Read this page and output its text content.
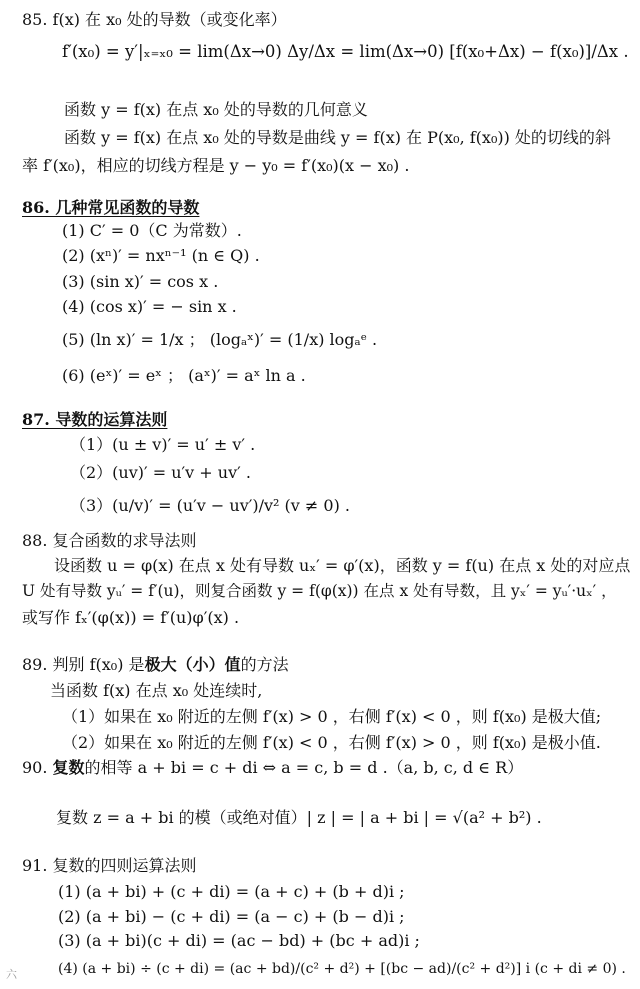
85. f(x) 在 x₀ 处的导数（或变化率）
f′(x₀) = y′|ₓ₌ₓ₀ = lim(Δx→0) Δy/Δx = lim(Δx→0) [f(x₀+Δx) − f(x₀)]/Δx .
函数 y = f(x) 在点 x₀ 处的导数的几何意义
函数 y = f(x) 在点 x₀ 处的导数是曲线 y = f(x) 在 P(x₀, f(x₀)) 处的切线的斜
率 f′(x₀)，相应的切线方程是 y − y₀ = f′(x₀)(x − x₀) .
86. 几种常见函数的导数
(1) C′ = 0（C 为常数）.
(2) (xⁿ)′ = nxⁿ⁻¹ (n ∈ Q) .
(3) (sin x)′ = cos x .
(4) (cos x)′ = − sin x .
(5) (ln x)′ = 1/x ； (logₐˣ)′ = (1/x) logₐᵉ .
(6) (eˣ)′ = eˣ ； (aˣ)′ = aˣ ln a .
87. 导数的运算法则
（1）(u ± v)′ = u′ ± v′ .
（2）(uv)′ = u′v + uv′ .
（3）(u/v)′ = (u′v − uv′)/v² (v ≠ 0) .
88. 复合函数的求导法则
设函数 u = φ(x) 在点 x 处有导数 uₓ′ = φ′(x)，函数 y = f(u) 在点 x 处的对应点
U 处有导数 yᵤ′ = f′(u)，则复合函数 y = f(φ(x)) 在点 x 处有导数，且 yₓ′ = yᵤ′·uₓ′ ，
或写作 fₓ′(φ(x)) = f′(u)φ′(x) .
89. 判别 f(x₀) 是极大（小）值的方法
当函数 f(x) 在点 x₀ 处连续时,
（1）如果在 x₀ 附近的左侧 f′(x) > 0 ，右侧 f′(x) < 0 ，则 f(x₀) 是极大值;
（2）如果在 x₀ 附近的左侧 f′(x) < 0 ，右侧 f′(x) > 0 ，则 f(x₀) 是极小值.
90. 复数的相等 a + bi = c + di ⇔ a = c, b = d .（a, b, c, d ∈ R）
复数 z = a + bi 的模（或绝对值）| z | = | a + bi | = √(a² + b²) .
91. 复数的四则运算法则
(1) (a + bi) + (c + di) = (a + c) + (b + d)i ;
(2) (a + bi) − (c + di) = (a − c) + (b − d)i ;
(3) (a + bi)(c + di) = (ac − bd) + (bc + ad)i ;
(4) (a + bi) ÷ (c + di) = (ac + bd)/(c² + d²) + [(bc − ad)/(c² + d²)] i (c + di ≠ 0) .
六
